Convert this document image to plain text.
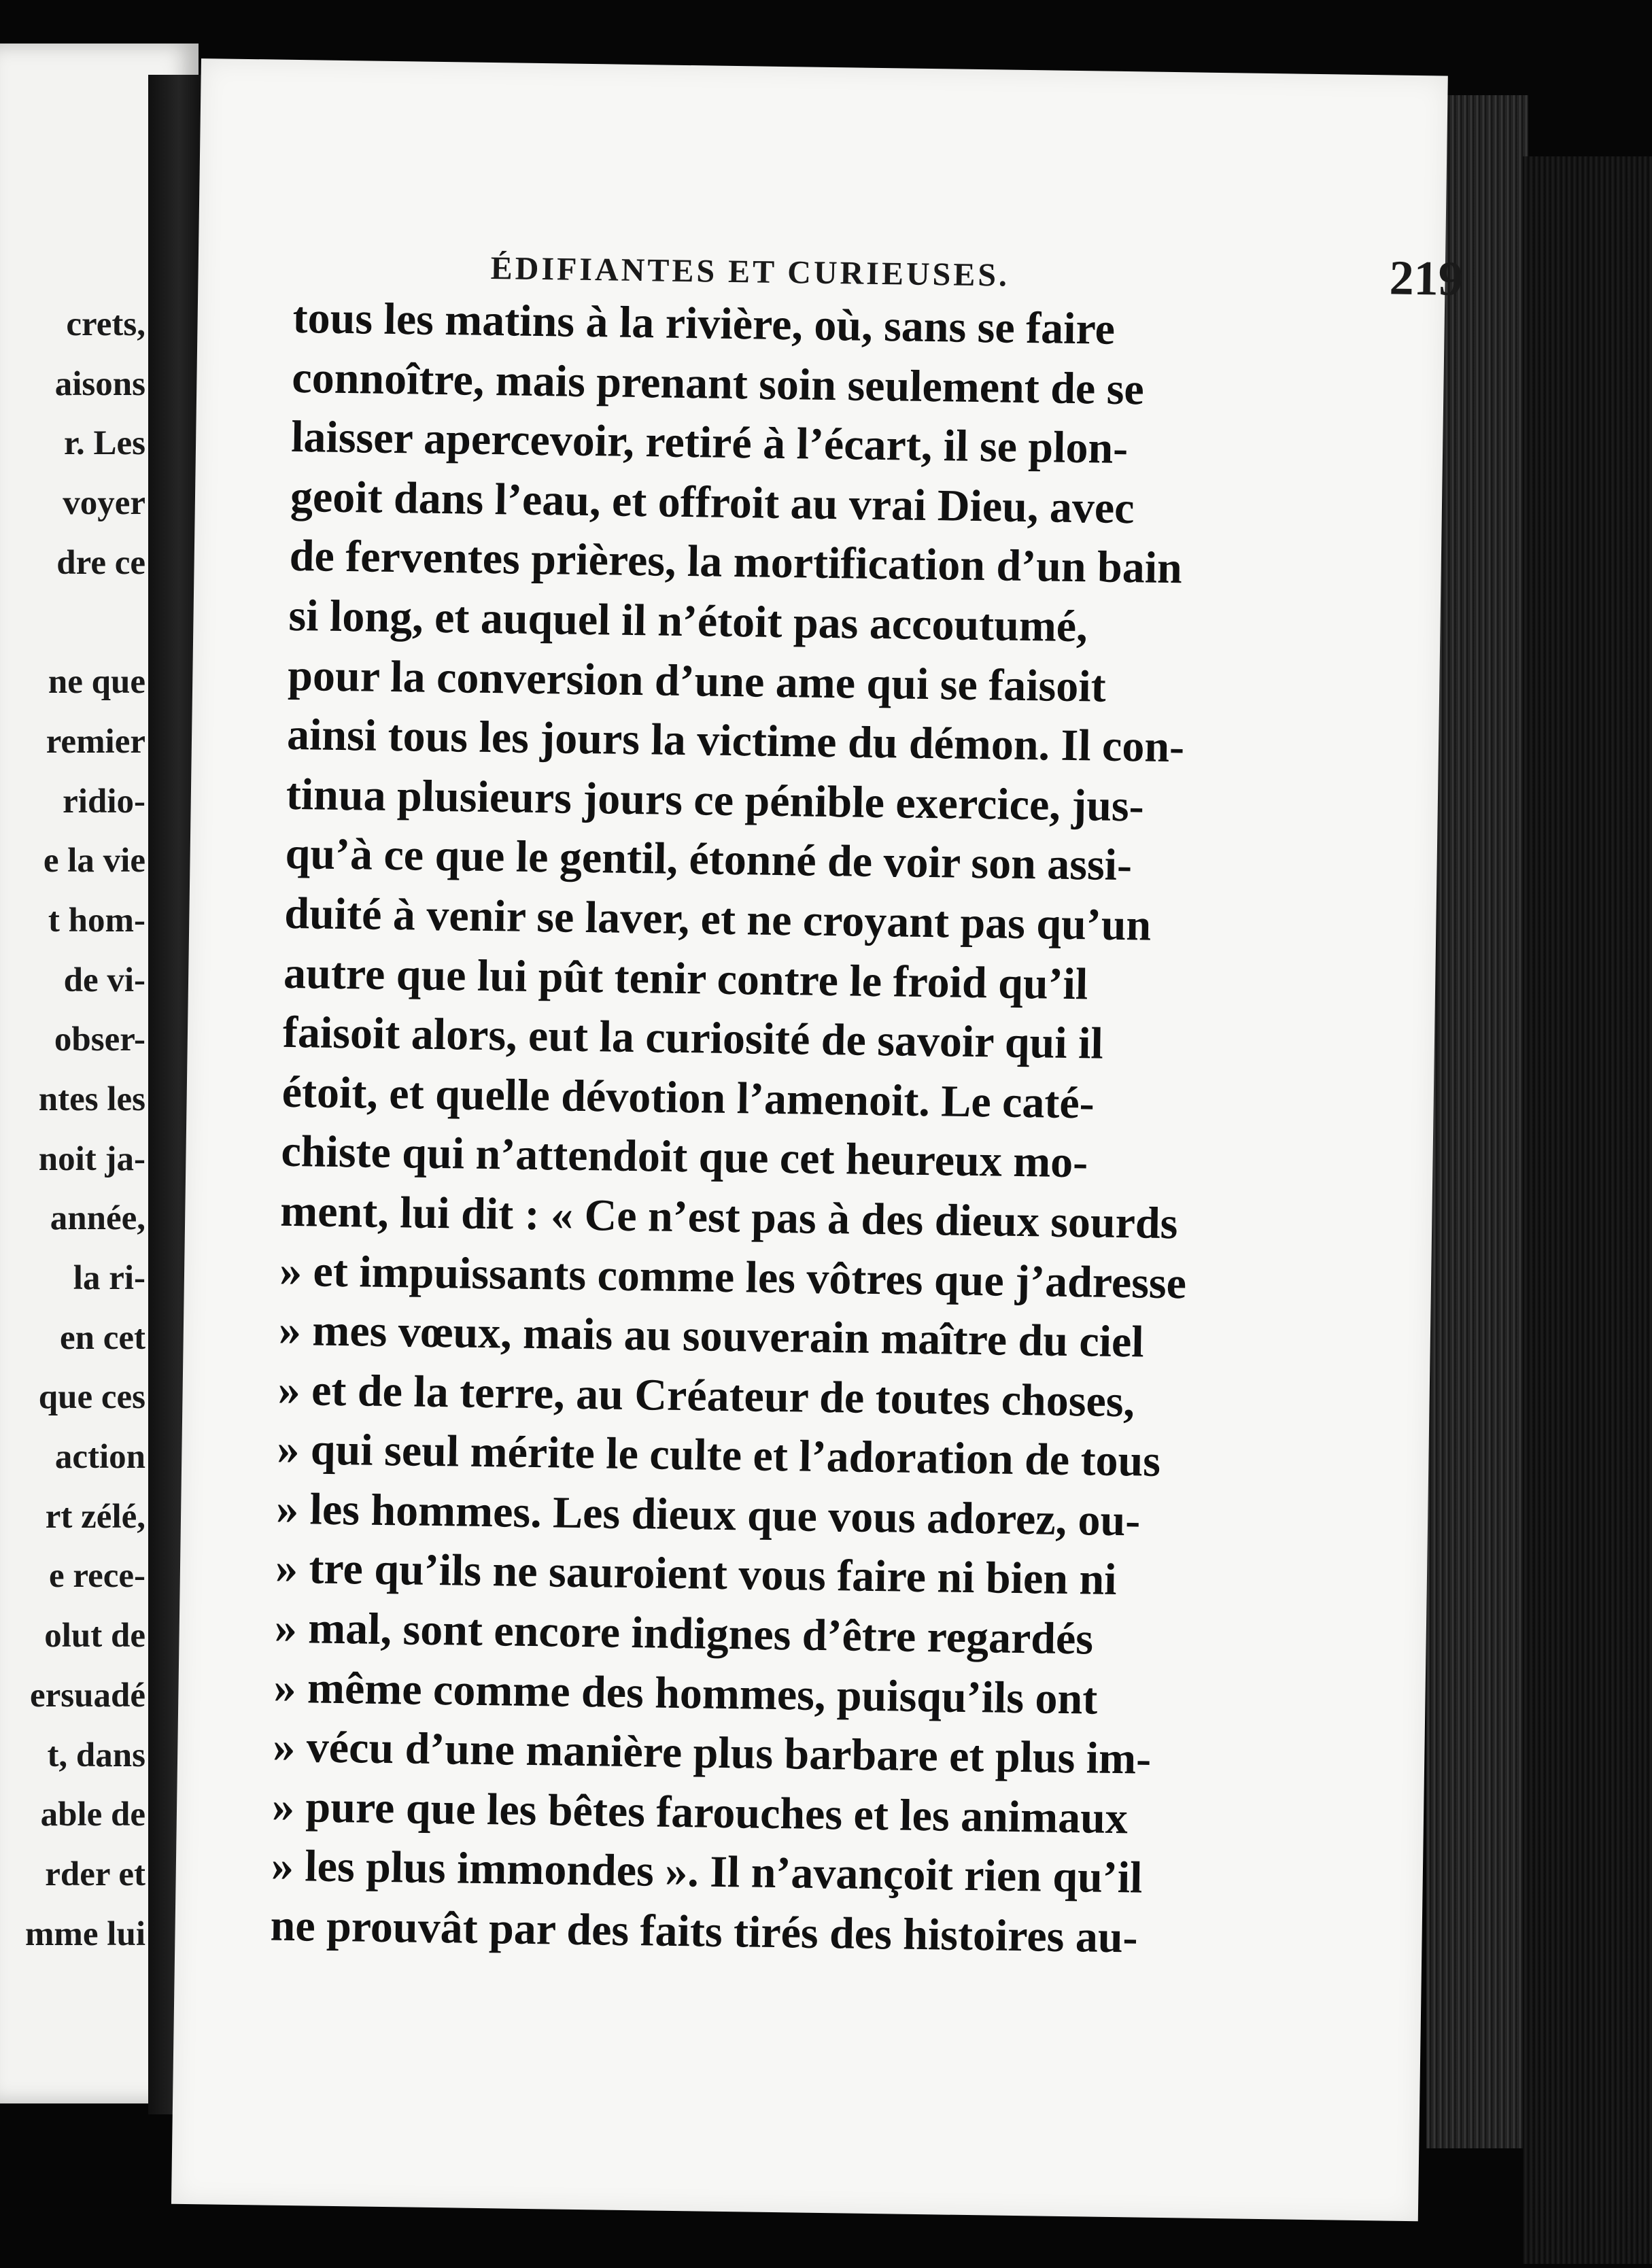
crets,
aisons
r. Les
voyer
dre ce
ne que
remier
ridio-
e la vie
t hom-
de vi-
obser-
ntes les
noit ja-
année,
la ri-
en cet
que ces
action
rt zélé,
e rece-
olut de
ersuadé
t, dans
able de
rder et
mme lui
ÉDIFIANTES ET CURIEUSES.	219
tous les matins à la rivière, où, sans se faire
connoître, mais prenant soin seulement de se
laisser apercevoir, retiré à l’écart, il se plon-
geoit dans l’eau, et offroit au vrai Dieu, avec
de ferventes prières, la mortification d’un bain
si long, et auquel il n’étoit pas accoutumé,
pour la conversion d’une ame qui se faisoit
ainsi tous les jours la victime du démon. Il con-
tinua plusieurs jours ce pénible exercice, jus-
qu’à ce que le gentil, étonné de voir son assi-
duité à venir se laver, et ne croyant pas qu’un
autre que lui pût tenir contre le froid qu’il
faisoit alors, eut la curiosité de savoir qui il
étoit, et quelle dévotion l’amenoit. Le caté-
chiste qui n’attendoit que cet heureux mo-
ment, lui dit : « Ce n’est pas à des dieux sourds
» et impuissants comme les vôtres que j’adresse
» mes vœux, mais au souverain maître du ciel
» et de la terre, au Créateur de toutes choses,
» qui seul mérite le culte et l’adoration de tous
» les hommes. Les dieux que vous adorez, ou-
» tre qu’ils ne sauroient vous faire ni bien ni
» mal, sont encore indignes d’être regardés
» même comme des hommes, puisqu’ils ont
» vécu d’une manière plus barbare et plus im-
» pure que les bêtes farouches et les animaux
» les plus immondes ». Il n’avançoit rien qu’il
ne prouvât par des faits tirés des histoires au-
